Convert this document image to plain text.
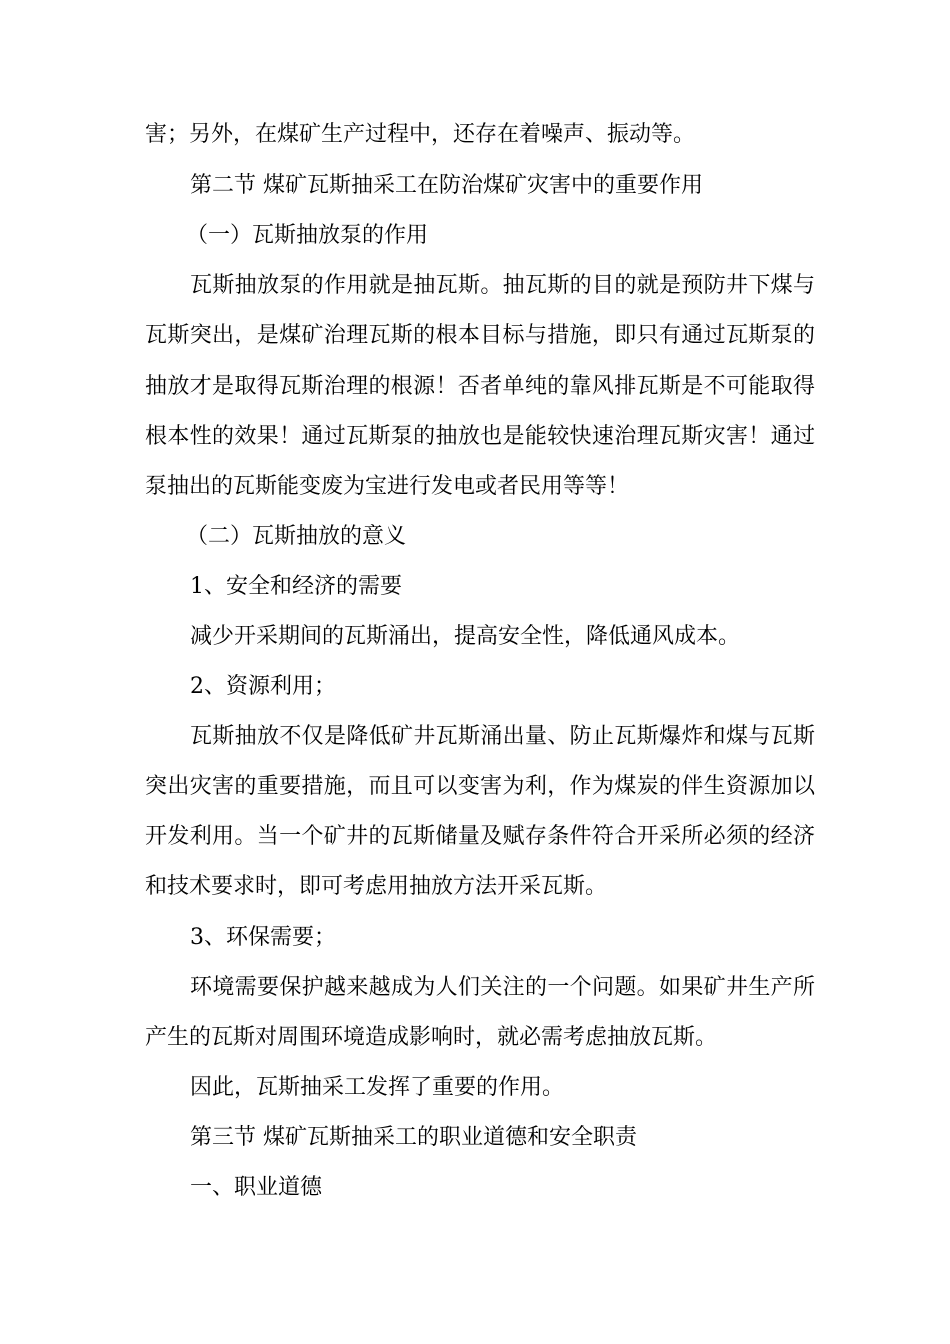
害；另外，在煤矿生产过程中，还存在着噪声、振动等。
第二节 煤矿瓦斯抽采工在防治煤矿灾害中的重要作用
（一）瓦斯抽放泵的作用
瓦斯抽放泵的作用就是抽瓦斯。抽瓦斯的目的就是预防井下煤与
瓦斯突出，是煤矿治理瓦斯的根本目标与措施，即只有通过瓦斯泵的
抽放才是取得瓦斯治理的根源！否者单纯的靠风排瓦斯是不可能取得
根本性的效果！通过瓦斯泵的抽放也是能较快速治理瓦斯灾害！通过
泵抽出的瓦斯能变废为宝进行发电或者民用等等！
（二）瓦斯抽放的意义
1、安全和经济的需要
减少开采期间的瓦斯涌出，提高安全性，降低通风成本。
2、资源利用；
瓦斯抽放不仅是降低矿井瓦斯涌出量、防止瓦斯爆炸和煤与瓦斯
突出灾害的重要措施，而且可以变害为利，作为煤炭的伴生资源加以
开发利用。当一个矿井的瓦斯储量及赋存条件符合开采所必须的经济
和技术要求时，即可考虑用抽放方法开采瓦斯。
3、环保需要；
环境需要保护越来越成为人们关注的一个问题。如果矿井生产所
产生的瓦斯对周围环境造成影响时，就必需考虑抽放瓦斯。
因此，瓦斯抽采工发挥了重要的作用。
第三节 煤矿瓦斯抽采工的职业道德和安全职责
一、职业道德
